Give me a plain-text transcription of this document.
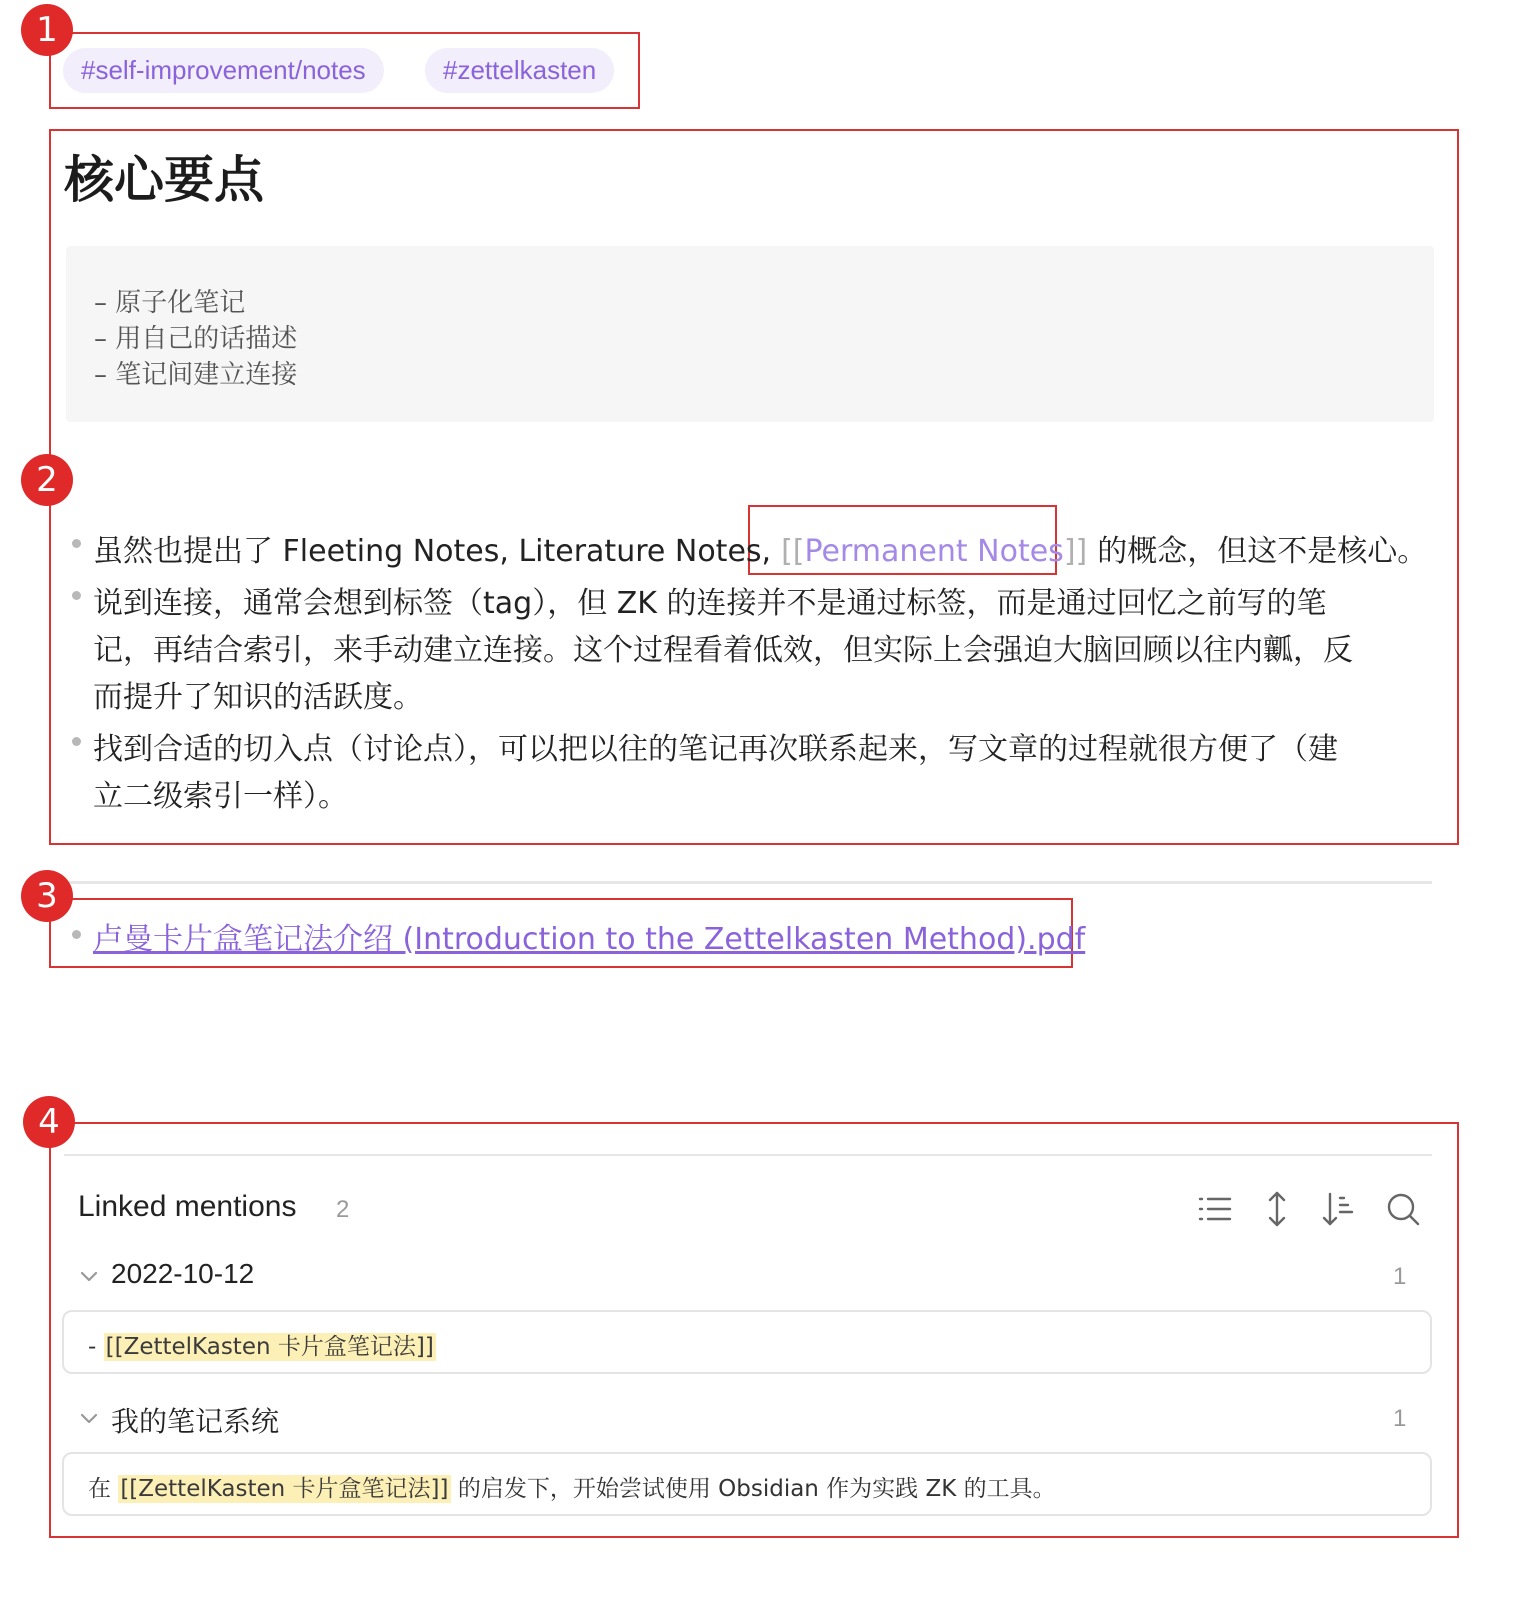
#self-improvement/notes	#zettelkasten
核心要点
– 原子化笔记
– 用自己的话描述
– 笔记间建立连接
虽然也提出了 Fleeting Notes, Literature Notes, [[Permanent Notes]] 的概念，但这不是核心。
说到连接，通常会想到标签（tag），但 ZK 的连接并不是通过标签，而是通过回忆之前写的笔
记，再结合索引，来手动建立连接。这个过程看着低效，但实际上会强迫大脑回顾以往内瓤，反
而提升了知识的活跃度。
找到合适的切入点（讨论点），可以把以往的笔记再次联系起来，写文章的过程就很方便了（建
立二级索引一样）。
卢曼卡片盒笔记法介绍 (Introduction to the Zettelkasten Method).pdf
Linked mentions 2
2022-10-12	1
- [[ZettelKasten 卡片盒笔记法]]
我的笔记系统	1
在 [[ZettelKasten 卡片盒笔记法]] 的启发下，开始尝试使用 Obsidian 作为实践 ZK 的工具。
1
2
3
4
